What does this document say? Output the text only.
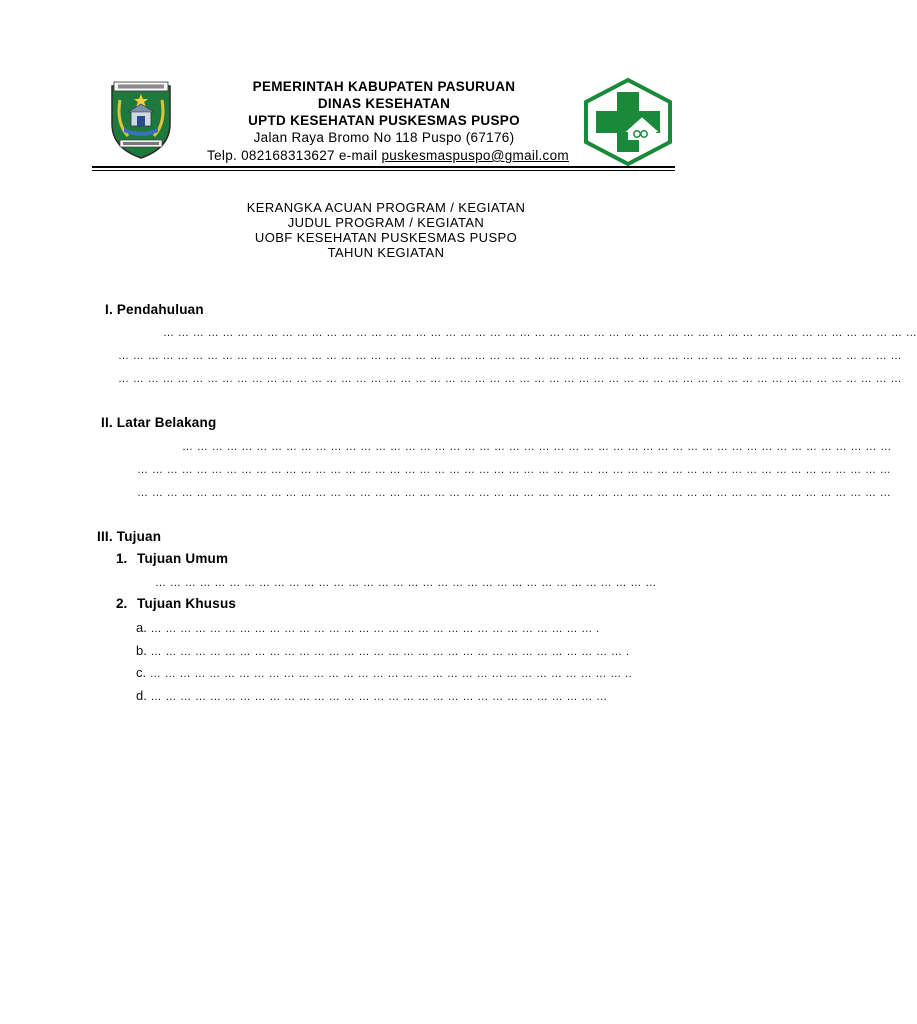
PEMERINTAH KABUPATEN PASURUAN
DINAS KESEHATAN
UPTD KESEHATAN PUSKESMAS PUSPO
Jalan Raya Bromo No 118 Puspo (67176)
Telp. 082168313627 e-mail puskesmaspuspo@gmail.com
KERANGKA ACUAN PROGRAM / KEGIATAN
JUDUL PROGRAM / KEGIATAN
UOBF KESEHATAN PUSKESMAS PUSPO
TAHUN KEGIATAN
I. Pendahuluan
… … … … … … … … … … … … … … … … … … … … … … … … … … … … … … … … … … … … … … … … … … … … … … … … … … …
… … … … … … … … … … … … … … … … … … … … … … … … … … … … … … … … … … … … … … … … … … … … … … … … … … … … …
… … … … … … … … … … … … … … … … … … … … … … … … … … … … … … … … … … … … … … … … … … … … … … … … … … … … …
II. Latar Belakang
… … … … … … … … … … … … … … … … … … … … … … … … … … … … … … … … … … … … … … … … … … … … … … … …
… … … … … … … … … … … … … … … … … … … … … … … … … … … … … … … … … … … … … … … … … … … … … … … … … … …
… … … … … … … … … … … … … … … … … … … … … … … … … … … … … … … … … … … … … … … … … … … … … … … … … … …
III. Tujuan
1. Tujuan Umum
… … … … … … … … … … … … … … … … … … … … … … … … … … … … … … … … … …
2. Tujuan Khusus
a. … … … … … … … … … … … … … … … … … … … … … … … … … … … … … … .
b. … … … … … … … … … … … … … … … … … … … … … … … … … … … … … … … … .
c. … … … … … … … … … … … … … … … … … … … … … … … … … … … … … … … … ..
d. … … … … … … … … … … … … … … … … … … … … … … … … … … … … … … …
